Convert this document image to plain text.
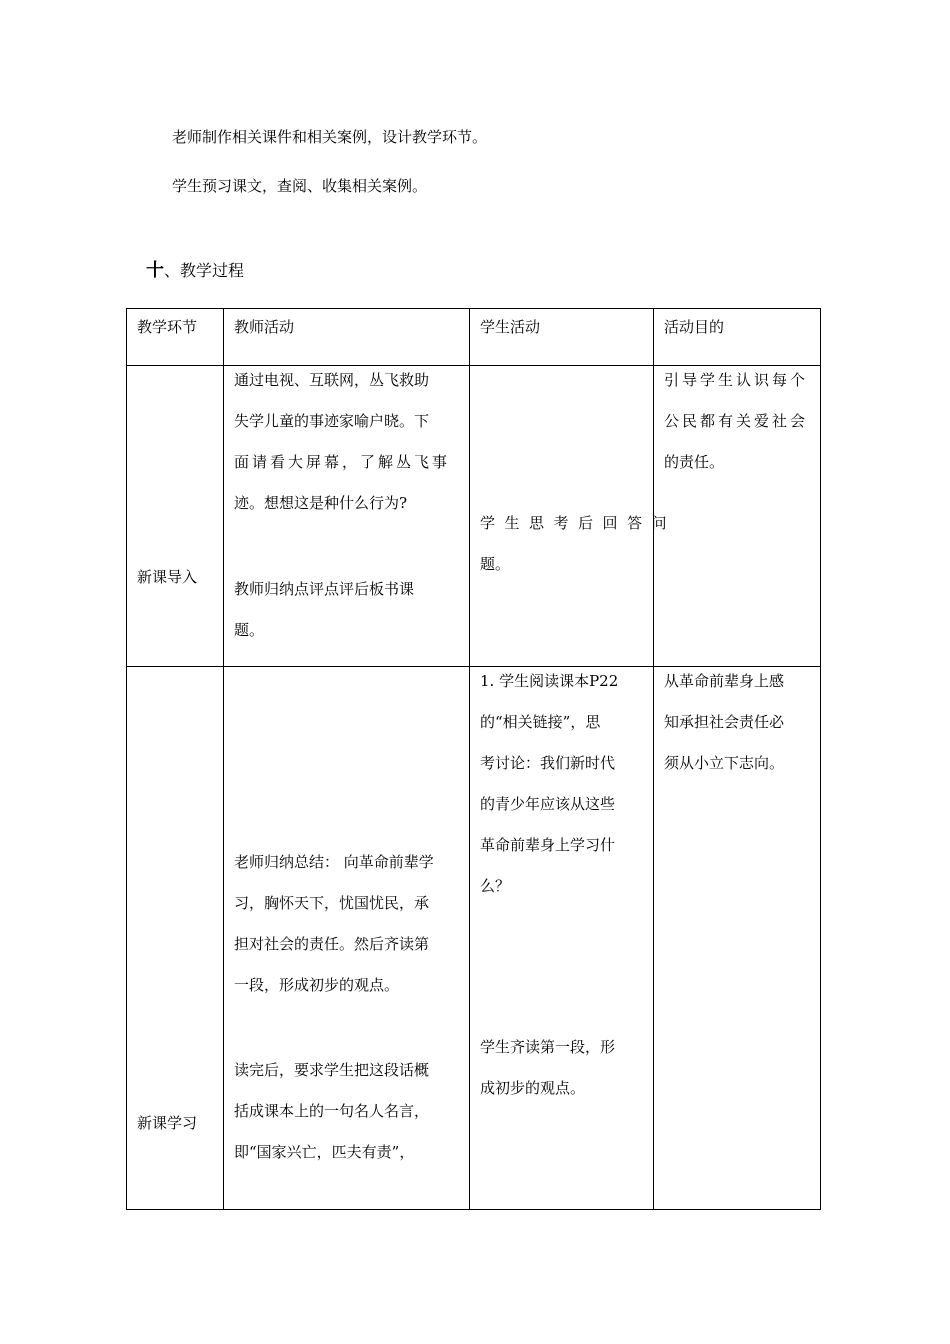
老师制作相关课件和相关案例，设计教学环节。
学生预习课文，查阅、收集相关案例。
十、教学过程
教学环节 教师活动	学生活动	活动目的
新课导入
通过电视、互联网，丛飞救助
失学儿童的事迹家喻户晓。下
面请看大屏幕，了解丛飞事
迹。想想这是种什么行为?
教师归纳点评点评后板书课
题。
学生思考后回答问
题。
引导学生认识每个
公民都有关爱社会
的责任。
新课学习
老师归纳总结： 向革命前辈学
习，胸怀天下，忧国忧民，承
担对社会的责任。然后齐读第
一段，形成初步的观点。
读完后，要求学生把这段话概
括成课本上的一句名人名言，
即“国家兴亡，匹夫有责”，
1. 学生阅读课本P22
的“相关链接”，思
考讨论：我们新时代
的青少年应该从这些
革命前辈身上学习什
么？
学生齐读第一段，形
成初步的观点。
从革命前辈身上感
知承担社会责任必
须从小立下志向。
